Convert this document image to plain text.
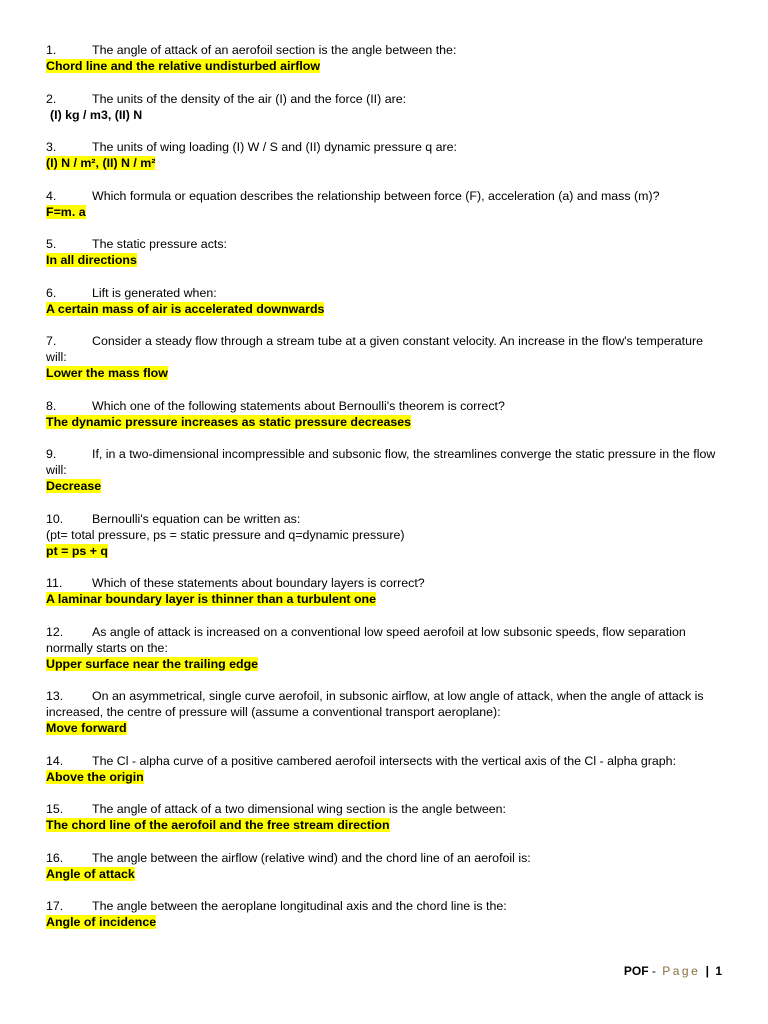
1.	The angle of attack of an aerofoil section is the angle between the:
Chord line and the relative undisturbed airflow
2.	The units of the density of the air (I) and the force (II) are:
(I) kg / m3, (II) N
3.	The units of wing loading (I) W / S and (II) dynamic pressure q are:
(I) N / m², (II) N / m²
4.	Which formula or equation describes the relationship between force (F), acceleration (a) and mass (m)?
F=m. a
5.	The static pressure acts:
In all directions
6.	Lift is generated when:
A certain mass of air is accelerated downwards
7.	Consider a steady flow through a stream tube at a given constant velocity. An increase in the flow's temperature will:
Lower the mass flow
8.	Which one of the following statements about Bernoulli's theorem is correct?
The dynamic pressure increases as static pressure decreases
9.	If, in a two-dimensional incompressible and subsonic flow, the streamlines converge the static pressure in the flow will:
Decrease
10. Bernoulli's equation can be written as:
(pt= total pressure, ps = static pressure and q=dynamic pressure)
pt = ps + q
11. Which of these statements about boundary layers is correct?
A laminar boundary layer is thinner than a turbulent one
12. As angle of attack is increased on a conventional low speed aerofoil at low subsonic speeds, flow separation normally starts on the:
Upper surface near the trailing edge
13. On an asymmetrical, single curve aerofoil, in subsonic airflow, at low angle of attack, when the angle of attack is increased, the centre of pressure will (assume a conventional transport aeroplane):
Move forward
14. The Cl - alpha curve of a positive cambered aerofoil intersects with the vertical axis of the Cl - alpha graph:
Above the origin
15. The angle of attack of a two dimensional wing section is the angle between:
The chord line of the aerofoil and the free stream direction
16. The angle between the airflow (relative wind) and the chord line of an aerofoil is:
Angle of attack
17. The angle between the aeroplane longitudinal axis and the chord line is the:
Angle of incidence
POF - Page | 1
